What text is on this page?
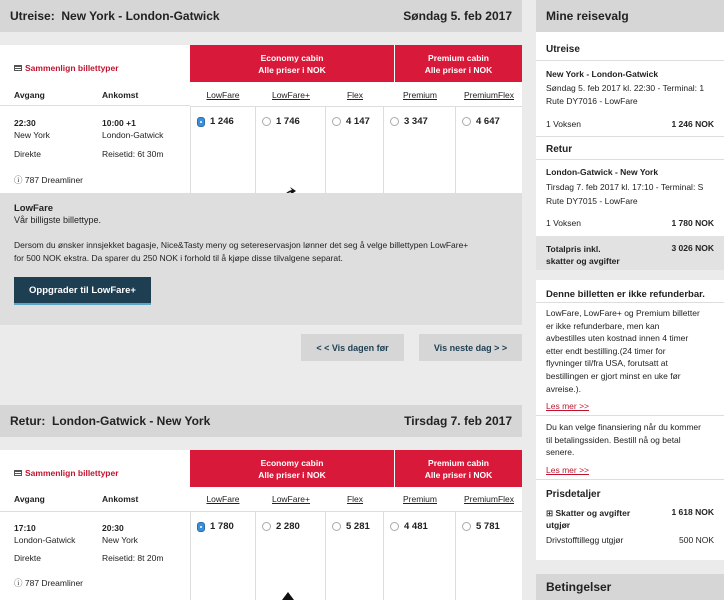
Utreise: New York - London-Gatwick	Søndag 5. feb 2017
Sammenlign billettyper
Avgang	Ankomst
22:30	10:00 +1
New York	London-Gatwick
Direkte	Reisetid: 6t 30m
ⓘ 787 Dreamliner
Economy cabin
Alle priser i NOK
Premium cabin
Alle priser i NOK
LowFare	LowFare+	Flex	Premium	PremiumFlex
1 246	1 746	4 147	3 347	4 647
LowFare
Vår billigste billettype.
Dersom du ønsker innsjekket bagasje, Nice&Tasty meny og setereservasjon lønner det seg å velge billettypen LowFare+
for 500 NOK ekstra. Da sparer du 250 NOK i forhold til å kjøpe disse tilvalgene separat.
Oppgrader til LowFare+
< < Vis dagen før	Vis neste dag > >
Retur: London-Gatwick - New York	Tirsdag 7. feb 2017
Sammenlign billettyper
Avgang	Ankomst
17:10	20:30
London-Gatwick	New York
Direkte	Reisetid: 8t 20m
ⓘ 787 Dreamliner
Economy cabin
Alle priser i NOK
Premium cabin
Alle priser i NOK
LowFare	LowFare+	Flex	Premium	PremiumFlex
1 780	2 280	5 281	4 481	5 781
Mine reisevalg
Utreise
New York - London-Gatwick
Søndag 5. feb 2017 kl. 22:30 - Terminal: 1
Rute DY7016 - LowFare
1 Voksen	1 246 NOK
Retur
London-Gatwick - New York
Tirsdag 7. feb 2017 kl. 17:10 - Terminal: S
Rute DY7015 - LowFare
1 Voksen	1 780 NOK
Totalpris inkl.
skatter og avgifter
3 026 NOK
Denne billetten er ikke refunderbar.
LowFare, LowFare+ og Premium billetter
er ikke refunderbare, men kan
avbestilles uten kostnad innen 4 timer
etter endt bestilling.(24 timer for
flyvninger til/fra USA, forutsatt at
bestillingen er gjort minst en uke før
avreise.).
Les mer >>
Du kan velge finansiering når du kommer
til betalingssiden. Bestill nå og betal
senere.
Les mer >>
Prisdetaljer
⊞ Skatter og avgifter
utgjør
1 618 NOK
Drivstofftillegg utgjør	500 NOK
Betingelser
